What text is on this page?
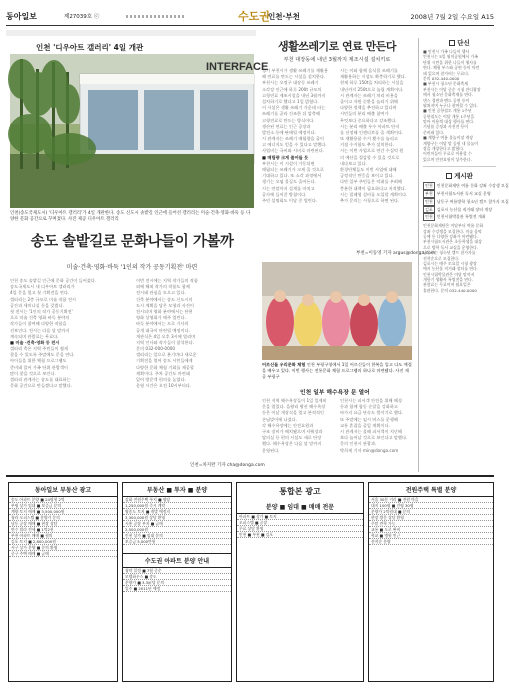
동아일보	제27039호 ⓒ	수도권
인천·부천	2008년 7월 2일 수요일 A15
인천 '디우아트 갤러리' 4일 개관
INTERFACE
인천(송도국제도시) '디우아트 갤러리'가 4일 개관한다. 송도 신도시 솔밭길 인근에 들어선 갤러리는 미술·건축·영화·바둑 등 다양한 문화 공간으로 꾸며졌다. 사진 제공 디우아트 갤러리
송도 솔밭길로 문화나들이 가볼까
미술·건축·영화·바둑 '1인의 작가 공동기획전' 마련
인천 송도 솔밭길 인근에 문화 공간이 들어섰다.
송도국제도시 내 디우아트 갤러리가
4일 문을 열고 첫 기획전을 연다.
갤러리는 2층 규모로 미술 작품 전시
공간과 세미나실 등을 갖췄다.
첫 전시는 '1인의 작가 공동기획전'
으로 미술 건축 영화 바둑 분야의
작가들이 참여해 다양한 작품을
선보인다. 전시는 다음 달 말까지
계속되며 관람료는 무료다.
■ 미술 ·건축·영화 등 전시
갤러리 측은 지역 주민들이 쉽게
찾을 수 있도록 주말에도 문을 연다.
아이들을 위한 체험 프로그램도
준비돼 있어 가족 단위 관람객이
많이 찾을 것으로 보인다.
갤러리 관계자는 송도를 대표하는
문화 공간으로 만들겠다고 말했다.
이번 전시에는 지역 작가들의 작품
외에 해외 작가의 작품도 함께
전시돼 관심을 모으고 있다.
건축 분야에서는 송도 신도시의
도시 계획을 담은 모형과 사진이
전시되며 영화 분야에서는 단편
영화 상영회가 매주 열린다.
바둑 분야에서는 프로 기사의
공개 대국이 마련될 예정이다.
개관식은 4일 오후 3시에 열리며
지역 인사와 작가들이 참석한다.
문의 032-000-0000
갤러리는 앞으로 분기마다 새로운
기획전을 열어 송도 시민들에게
다양한 문화 체험 기회를 제공할
계획이다. 주차 공간도 마련돼
있어 방문객 편의를 높였다.
운영 시간은 오전 10시부터다.
인천=차지완 기자 cha@donga.com
생활쓰레기로 연료 만든다
부천 대장동에 내년 3월까지 제조시설 설치키로
경기 부천시가 생활 쓰레기를 재활용
해 연료를 만드는 시설을 설치한다.
부천시는 오정구 대장동 쓰레기
소각장 인근에 하루 200t 규모의
고형연료 제조시설을 내년 3월까지
설치하기로 했다고 1일 밝혔다.
이 시설은 생활 쓰레기 가운데 타는
쓰레기를 골라 건조한 뒤 압축해
고형연료로 만드는 방식이다.
생산된 연료는 인근 공장과
발전소 등에 판매될 예정이다.
시 관계자는 쓰레기 매립량을 줄이
고 에너지도 얻을 수 있다고 말했다.
사업비는 국비와 시비로 마련된다.
■ 매립량 크게 줄어들 듯
부천시는 이 시설이 가동되면
매립되는 쓰레기가 크게 줄 것으로
기대하고 있다. 또 소각 과정에서
생기는 오염 물질도 줄어든다.
시는 연말까지 설계를 마치고
공사에 들어갈 방침이다.
주민 설명회도 이달 중 열린다.
시는 이와 함께 음식물 쓰레기를
재활용하는 시설도 확충하기로 했다.
현재 하루 150t을 처리하는 시설을
내년까지 250t으로 늘릴 계획이다.
시 관계자는 쓰레기 처리 비용을
줄이고 자원 순환을 늘리기 위해
다양한 정책을 추진하고 있다며
시민들의 분리 배출 참여가
무엇보다 중요하다고 강조했다.
시는 분리 배출 우수 아파트 단지
를 선정해 인센티브를 줄 계획이다.
또 재활용품 수거 횟수를 늘리고
거점 수거함도 추가 설치한다.
시는 이번 사업으로 연간 수십억 원
의 예산을 절감할 수 있을 것으로
내다보고 있다.
환경단체들도 이번 사업에 대해
긍정적인 반응을 보이고 있다.
다만 일부 주민들은 악취를 우려해
충분한 대책이 필요하다고 지적했다.
시는 밀폐형 설비를 도입할 계획이다.
추가 문의는 시청으로 하면 된다.
부천=이동영 기자 argus@donga.com
어르신들 우리문화 체험 인천 부평구청에서 1일 어르신들이 한복을 입고 다도 예절을 배우고 있다. 이번 행사는 전통문화 체험 프로그램의 하나로 마련됐다. 사진 제공 부평구
인천 일부 해수욕장 문 열어
인천 지역 해수욕장들이 1일 일제히
문을 열었다. 을왕리 왕산 해수욕장
등은 이날 개장식을 열고 본격적인
손님맞이에 나섰다.
각 해수욕장에는 안전요원과
구조 장비가 배치됐으며 샤워장과
탈의실 등 편의 시설도 새로 단장
했다. 해수욕장은 다음 달 말까지
운영된다.
인천시는 피서객 안전을 위해 해경
등과 함께 합동 순찰을 강화하고
바가지 요금 단속도 벌이기로 했다.
또 주말에는 임시 버스를 운행해
교통 혼잡을 줄일 계획이다.
시 관계자는 올해 피서객이 지난해
보다 늘어날 것으로 보인다고 말했다.
문의 인천시 관광과.
박희제 기자 min@donga.com
단신
■ 인천시 가족 나들이 행사
인천시는 5일 월미공원에서 가족
단위 시민을 위한 나들이 행사를
연다. 체험 부스와 공연 등이 마련
돼 있으며 참가비는 무료다.
문의 032-440-0000
■ 부천시 청소년 문화축제
부천시는 이달 중순 시청 잔디광장
에서 청소년 문화축제를 연다.
댄스 경연과 밴드 공연 등이
펼쳐지며 누구나 참여할 수 있다.
■ 인천 공항철도 개통 1주년
공항철도는 이달 개통 1주년을
맞아 이용객 대상 행사를 연다.
기념품 증정과 사진전 등이
준비돼 있다.
■ 계양구 여름 물놀이장 개장
계양구는 이달 말 공원 내 물놀이
장을 개장한다고 밝혔다.
어린이들이 무료로 이용할 수
있으며 안전요원이 상주한다.
게시판
인천 인천문화재단 여름 문화 강좌 수강생 모집
부천 부천시립도서관 독서 교실 운영
인천 남동구 여름방학 청소년 캠프 참가자 모집
김포 김포시 농산물 직거래 장터 개장
인천 인천시립박물관 특별전 개최
인천문화재단은 이달부터 여름 문화
강좌 수강생을 모집한다. 미술 음악
공예 등 다양한 강좌가 마련됐다.
부천시립도서관은 초등학생을 대상
으로 방학 독서 교실을 운영한다.
남동구는 청소년 캠프 참가자를
선착순으로 모집한다.
김포시는 매주 토요일 시청 광장
에서 농산물 직거래 장터를 연다.
인천시립박물관은 이달 말까지
개항기 생활사 특별전을 연다.
관람료는 무료이며 월요일은
휴관한다. 문의 032-440-0000
동아일보 부동산 광고
송도 아파트 분양 ■ 24평형 2억
부평 상가 임대 ■ 보증금 문의
계양 토지 매매 ■ 3,500,000원
청라 오피스텔 ■ 분양가 문의
남동 공장 매매 ■ 현장 상담
연수 빌라 전세 ■ 1억2천
부천 아파트 매매 ■ 협의
김포 토지 ■ 2,800,000원
서구 상가 분양 ■ 문의 환영
중구 주택 매매 ■ 급매
부동산 ■ 투자 ■ 분양
강화 전원주택 부지 ■ 평당
1,250,000원 즉시 계약
영종도 토지 ■ 개발 예정지
3,300,000원 상담 환영
시흥 공장 부지 ■ 급매
2,500,000원
인천 상가 ■ 임대 문의
보증금 5,000만원
수도권 아파트 분양 안내
청약 일정 ■ 7월 중순
모델하우스 ■ 송도
분양가 ■ 3.3㎡당 문의
입주 ■ 2011년 예정
통합본 광고
분양 ■ 임대 ■ 매매 전문
아파트 ■ 상가 ■ 토지
오피스텔 ■ 공장
무료 상담 환영
인천 ■ 부천 ■ 김포
전원주택 특별 분양
서울 30분 거리 ■ 전원 마을
대지 100평 ■ 건평 30평
분양가 2억원대 ■ 문의
현장 방문 상담 환영
주말 견학 가능
교통 ■ 도로 완비
학교 ■ 병원 인근
선착순 분양
